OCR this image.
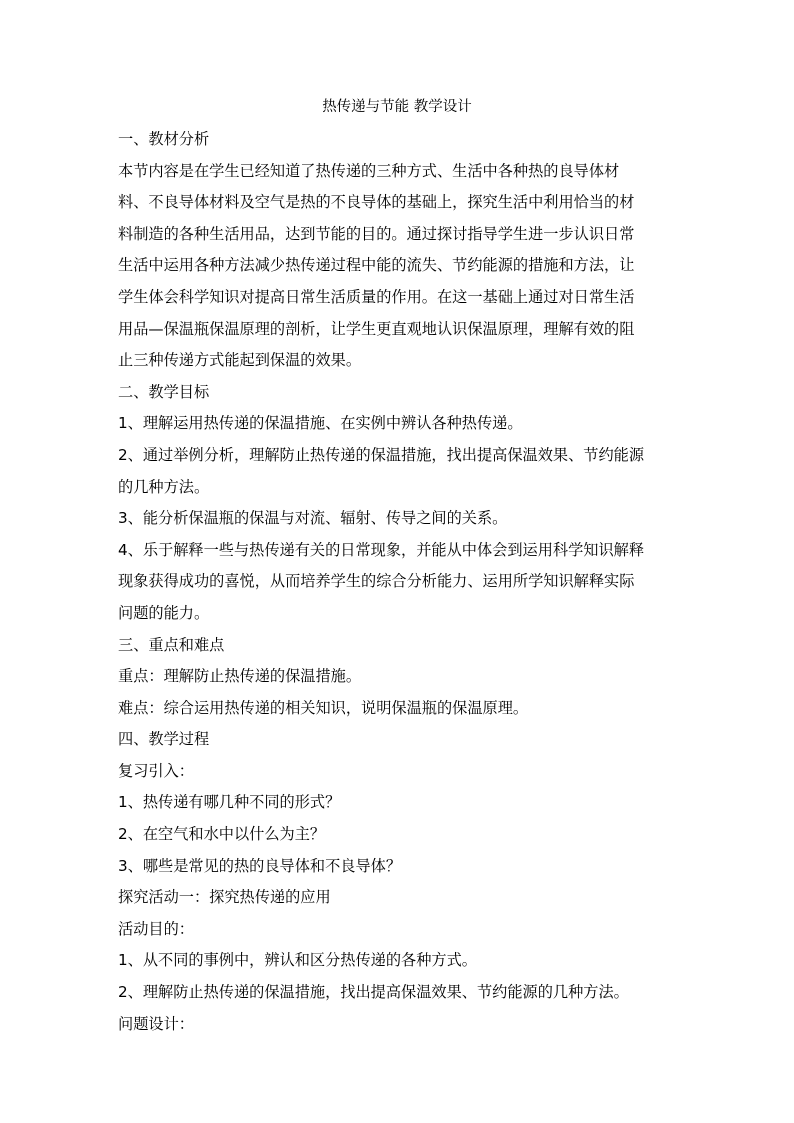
热传递与节能 教学设计
一、教材分析
本节内容是在学生已经知道了热传递的三种方式、生活中各种热的良导体材
料、不良导体材料及空气是热的不良导体的基础上，探究生活中利用恰当的材
料制造的各种生活用品，达到节能的目的。通过探讨指导学生进一步认识日常
生活中运用各种方法减少热传递过程中能的流失、节约能源的措施和方法，让
学生体会科学知识对提高日常生活质量的作用。在这一基础上通过对日常生活
用品—保温瓶保温原理的剖析，让学生更直观地认识保温原理，理解有效的阻
止三种传递方式能起到保温的效果。
二、教学目标
1、理解运用热传递的保温措施、在实例中辨认各种热传递。
2、通过举例分析，理解防止热传递的保温措施，找出提高保温效果、节约能源
的几种方法。
3、能分析保温瓶的保温与对流、辐射、传导之间的关系。
4、乐于解释一些与热传递有关的日常现象，并能从中体会到运用科学知识解释
现象获得成功的喜悦，从而培养学生的综合分析能力、运用所学知识解释实际
问题的能力。
三、重点和难点
重点：理解防止热传递的保温措施。
难点：综合运用热传递的相关知识，说明保温瓶的保温原理。
四、教学过程
复习引入：
1、热传递有哪几种不同的形式？
2、在空气和水中以什么为主？
3、哪些是常见的热的良导体和不良导体？
探究活动一：探究热传递的应用
活动目的：
1、从不同的事例中，辨认和区分热传递的各种方式。
2、理解防止热传递的保温措施，找出提高保温效果、节约能源的几种方法。
问题设计：
